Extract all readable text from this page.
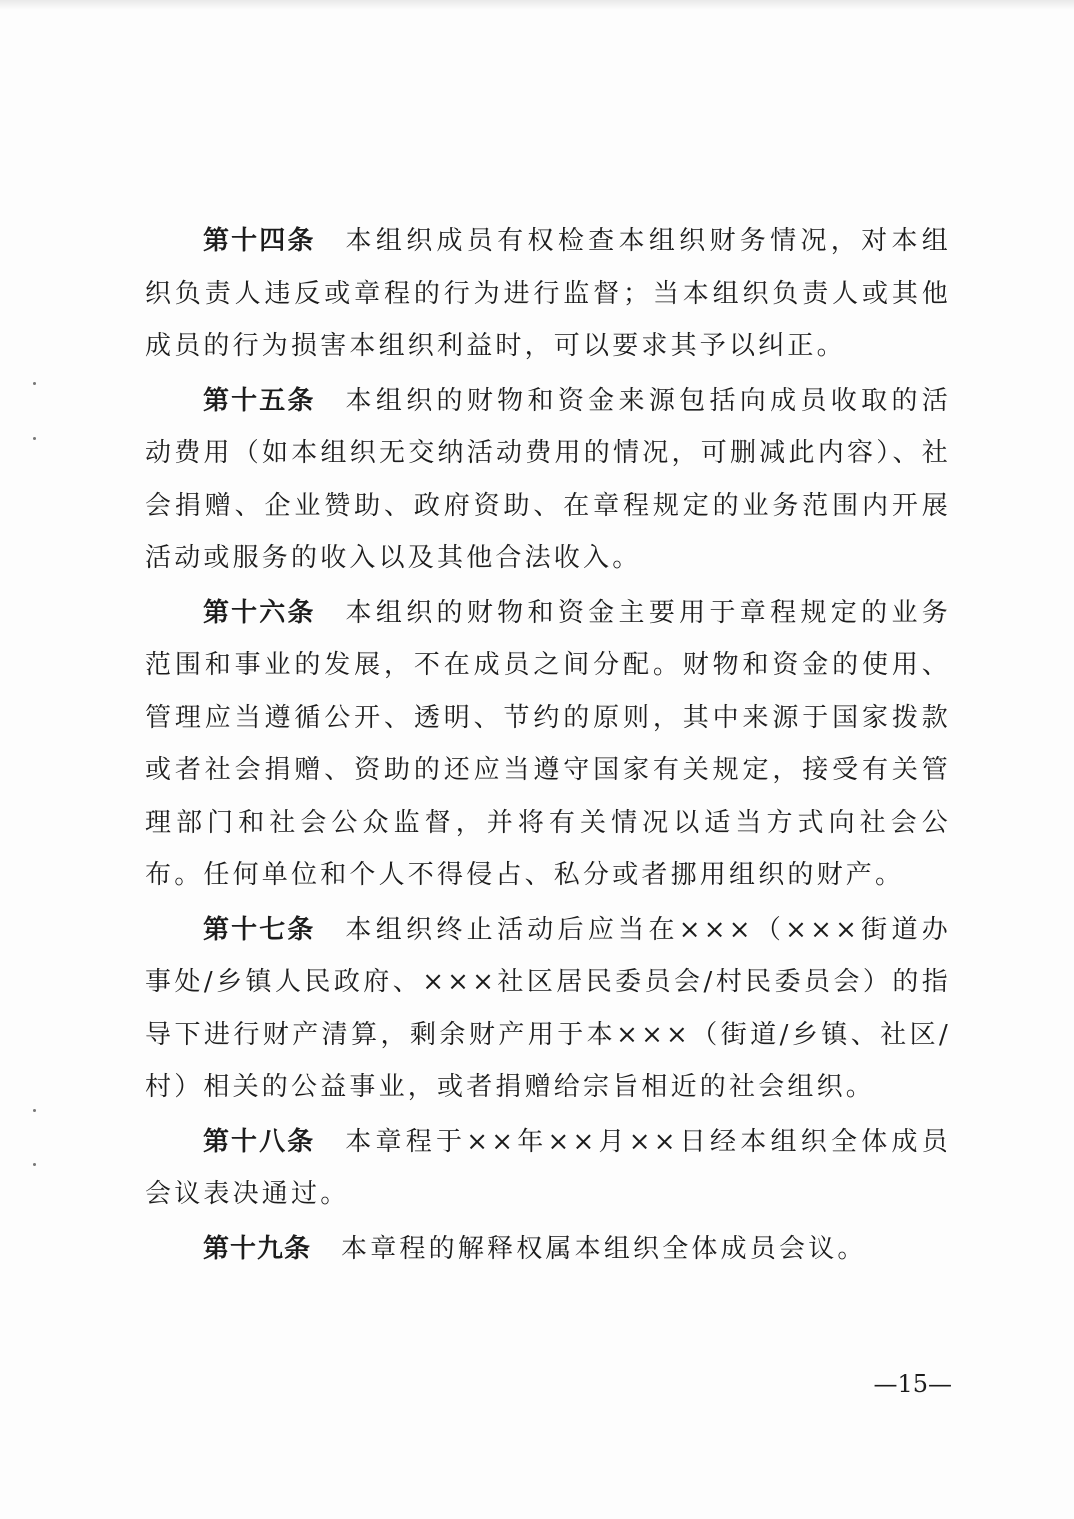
第十四条 本组织成员有权检查本组织财务情况，对本组织负责人违反或章程的行为进行监督；当本组织负责人或其他成员的行为损害本组织利益时，可以要求其予以纠正。

第十五条 本组织的财物和资金来源包括向成员收取的活动费用（如本组织无交纳活动费用的情况，可删减此内容）、社会捐赠、企业赞助、政府资助、在章程规定的业务范围内开展活动或服务的收入以及其他合法收入。

第十六条 本组织的财物和资金主要用于章程规定的业务范围和事业的发展，不在成员之间分配。财物和资金的使用、管理应当遵循公开、透明、节约的原则，其中来源于国家拨款或者社会捐赠、资助的还应当遵守国家有关规定，接受有关管理部门和社会公众监督，并将有关情况以适当方式向社会公布。任何单位和个人不得侵占、私分或者挪用组织的财产。

第十七条 本组织终止活动后应当在×××（×××街道办事处/乡镇人民政府、×××社区居民委员会/村民委员会）的指导下进行财产清算，剩余财产用于本×××（街道/乡镇、社区/村）相关的公益事业，或者捐赠给宗旨相近的社会组织。

第十八条 本章程于××年××月××日经本组织全体成员会议表决通过。

第十九条 本章程的解释权属本组织全体成员会议。

—15—
